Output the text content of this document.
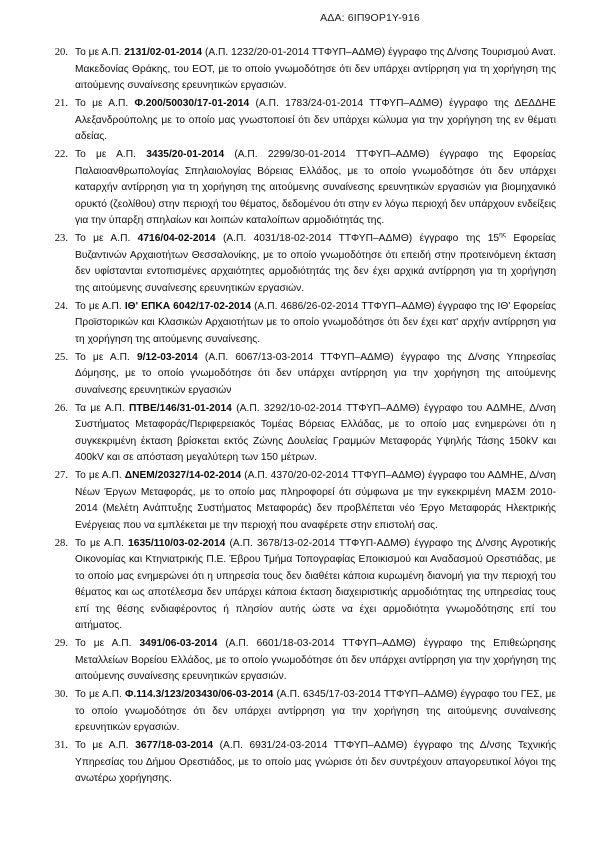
ΑΔΑ: 6ΙΠ9ΟΡ1Υ-916
20. Το με Α.Π. 2131/02-01-2014 (Α.Π. 1232/20-01-2014 ΤΤΦΥΠ–ΑΔΜΘ) έγγραφο της Δ/νσης Τουρισμού Ανατ. Μακεδονίας Θράκης, του ΕΟΤ, με το οποίο γνωμοδότησε ότι δεν υπάρχει αντίρρηση για τη χορήγηση της αιτούμενης συναίνεσης ερευνητικών εργασιών.
21. Το με Α.Π. Φ.200/50030/17-01-2014 (Α.Π. 1783/24-01-2014 ΤΤΦΥΠ–ΑΔΜΘ) έγγραφο της ΔΕΔΔΗΕ Αλεξανδρούπολης με το οποίο μας γνωστοποιεί ότι δεν υπάρχει κώλυμα για την χορήγηση της εν θέματι αδείας.
22. Το με Α.Π. 3435/20-01-2014 (Α.Π. 2299/30-01-2014 ΤΤΦΥΠ–ΑΔΜΘ) έγγραφο της Εφορείας Παλαιοανθρωπολογίας Σπηλαιολογίας Βόρειας Ελλάδος, με το οποίο γνωμοδότησε ότι δεν υπάρχει καταρχήν αντίρρηση για τη χορήγηση της αιτούμενης συναίνεσης ερευνητικών εργασιών για βιομηχανικό ορυκτό (ζεολίθου) στην περιοχή του θέματος, δεδομένου ότι στην εν λόγω περιοχή δεν υπάρχουν ενδείξεις για την ύπαρξη σπηλαίων και λοιπών καταλοίπων αρμοδιότητάς της.
23. Το με Α.Π. 4716/04-02-2014 (Α.Π. 4031/18-02-2014 ΤΤΦΥΠ–ΑΔΜΘ) έγγραφο της $15^{\eta\varsigma}$ Εφορείας Βυζαντινών Αρχαιοτήτων Θεσσαλονίκης, με το οποίο γνωμοδότησε ότι επειδή στην προτεινόμενη έκταση δεν υφίστανται εντοπισμένες αρχαιότητες αρμοδιότητάς της δεν έχει αρχικά αντίρρηση για τη χορήγηση της αιτούμενης συναίνεσης ερευνητικών εργασιών.
24. Το με Α.Π. ΙΘ' ΕΠΚΑ 6042/17-02-2014 (Α.Π. 4686/26-02-2014 ΤΤΦΥΠ–ΑΔΜΘ) έγγραφο της ΙΘ' Εφορείας Προϊστορικών και Κλασικών Αρχαιοτήτων με το οποίο γνωμοδότησε ότι δεν έχει κατ' αρχήν αντίρρηση για τη χορήγηση της αιτούμενης συναίνεσης.
25. Το με Α.Π. 9/12-03-2014 (Α.Π. 6067/13-03-2014 ΤΤΦΥΠ–ΑΔΜΘ) έγγραφο της Δ/νσης Υπηρεσίας Δόμησης, με το οποίο γνωμοδότησε ότι δεν υπάρχει αντίρρηση για την χορήγηση της αιτούμενης συναίνεσης ερευνητικών εργασιών
26. Τα με Α.Π. ΠΤΒΕ/146/31-01-2014 (Α.Π. 3292/10-02-2014 ΤΤΦΥΠ–ΑΔΜΘ) έγγραφο του ΑΔΜΗΕ, Δ/νση Συστήματος Μεταφοράς/Περιφερειακός Τομέας Βόρειας Ελλάδας, με το οποίο μας ενημερώνει ότι η συγκεκριμένη έκταση βρίσκεται εκτός Ζώνης Δουλείας Γραμμών Μεταφοράς Υψηλής Τάσης 150kV και 400kV και σε απόσταση μεγαλύτερη των 150 μέτρων.
27. Το με Α.Π. ΔΝΕΜ/20327/14-02-2014 (Α.Π. 4370/20-02-2014 ΤΤΦΥΠ–ΑΔΜΘ) έγγραφο του ΑΔΜΗΕ, Δ/νση Νέων Έργων Μεταφοράς, με το οποίο μας πληροφορεί ότι σύμφωνα με την εγκεκριμένη ΜΑΣΜ 2010-2014 (Μελέτη Ανάπτυξης Συστήματος Μεταφοράς) δεν προβλέπεται νέο Έργο Μεταφοράς Ηλεκτρικής Ενέργειας που να εμπλέκεται με την περιοχή που αναφέρετε στην επιστολή σας.
28. Το με Α.Π. 1635/110/03-02-2014 (Α.Π. 3678/13-02-2014 ΤΤΦΥΠ-ΑΔΜΘ) έγγραφο της Δ/νσης Αγροτικής Οικονομίας και Κτηνιατρικής Π.Ε. Έβρου Τμήμα Τοπογραφίας Εποικισμού και Αναδασμού Ορεστιάδας, με το οποίο μας ενημερώνει ότι η υπηρεσία τους δεν διαθέτει κάποια κυρωμένη διανομή για την περιοχή του θέματος και ως αποτέλεσμα δεν υπάρχει κάποια έκταση διαχειριστικής αρμοδιότητας της υπηρεσίας τους επί της θέσης ενδιαφέροντος ή πλησίον αυτής ώστε να έχει αρμοδιότητα γνωμοδότησης επί του αιτήματος.
29. Το με Α.Π. 3491/06-03-2014 (Α.Π. 6601/18-03-2014 ΤΤΦΥΠ–ΑΔΜΘ) έγγραφο της Επιθεώρησης Μεταλλείων Βορείου Ελλάδος, με το οποίο γνωμοδότησε ότι δεν υπάρχει αντίρρηση για την χορήγηση της αιτούμενης συναίνεσης ερευνητικών εργασιών.
30. Το με Α.Π. Φ.114.3/123/203430/06-03-2014 (Α.Π. 6345/17-03-2014 ΤΤΦΥΠ–ΑΔΜΘ) έγγραφο του ΓΕΣ, με το οποίο γνωμοδότησε ότι δεν υπάρχει αντίρρηση για την χορήγηση της αιτούμενης συναίνεσης ερευνητικών εργασιών.
31. Το με Α.Π. 3677/18-03-2014 (Α.Π. 6931/24-03-2014 ΤΤΦΥΠ–ΑΔΜΘ) έγγραφο της Δ/νσης Τεχνικής Υπηρεσίας του Δήμου Ορεστιάδος, με το οποίο μας γνώρισε ότι δεν συντρέχουν απαγορευτικοί λόγοι της ανωτέρω χορήγησης.
